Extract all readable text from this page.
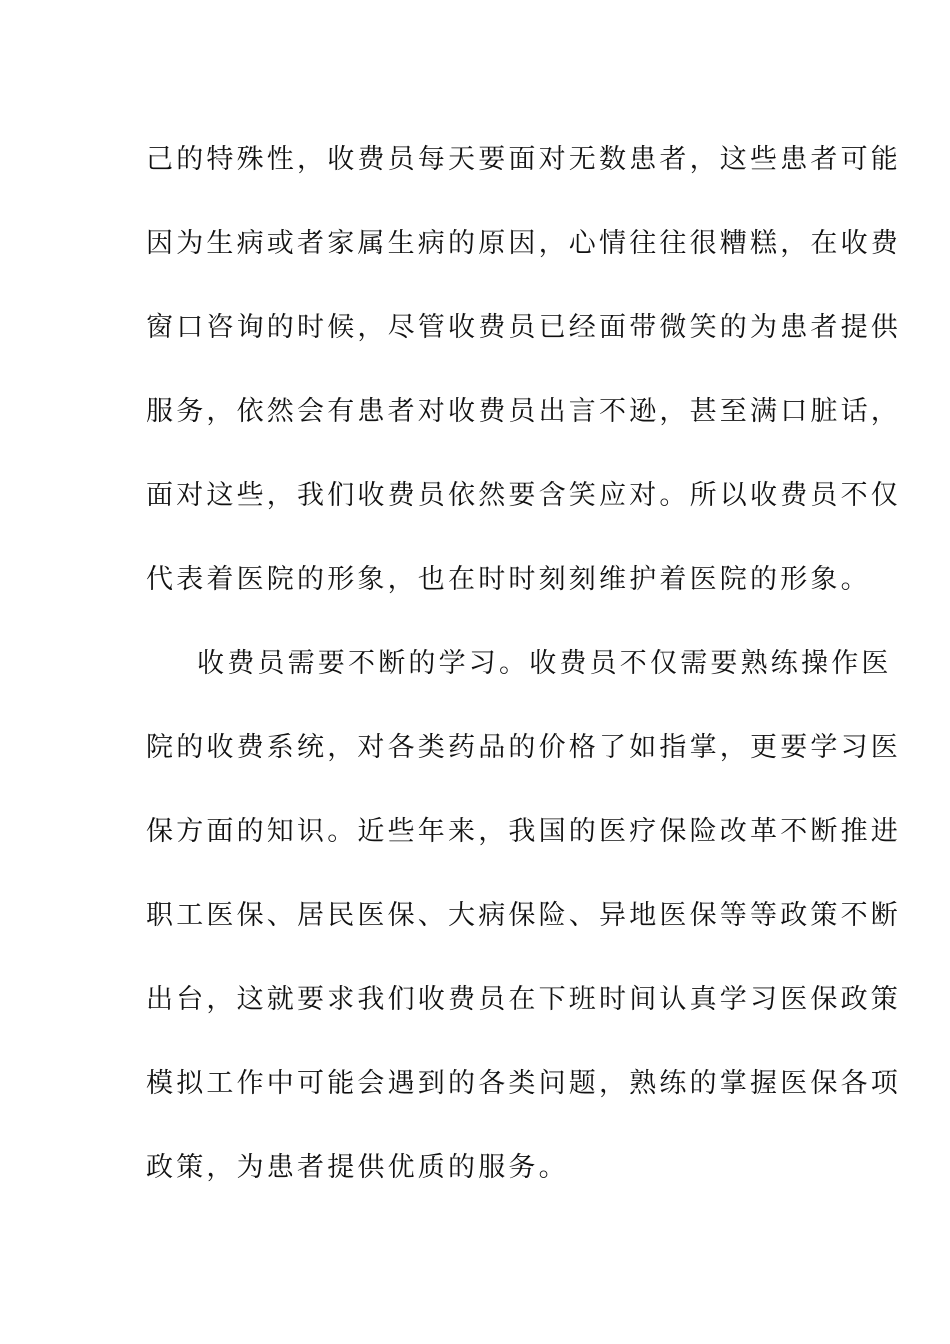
己的特殊性，收费员每天要面对无数患者，这些患者可能
因为生病或者家属生病的原因，心情往往很糟糕，在收费
窗口咨询的时候，尽管收费员已经面带微笑的为患者提供
服务，依然会有患者对收费员出言不逊，甚至满口脏话，
面对这些，我们收费员依然要含笑应对。所以收费员不仅
代表着医院的形象，也在时时刻刻维护着医院的形象。
收费员需要不断的学习。收费员不仅需要熟练操作医
院的收费系统，对各类药品的价格了如指掌，更要学习医
保方面的知识。近些年来，我国的医疗保险改革不断推进
职工医保、居民医保、大病保险、异地医保等等政策不断
出台，这就要求我们收费员在下班时间认真学习医保政策
模拟工作中可能会遇到的各类问题，熟练的掌握医保各项
政策，为患者提供优质的服务。
